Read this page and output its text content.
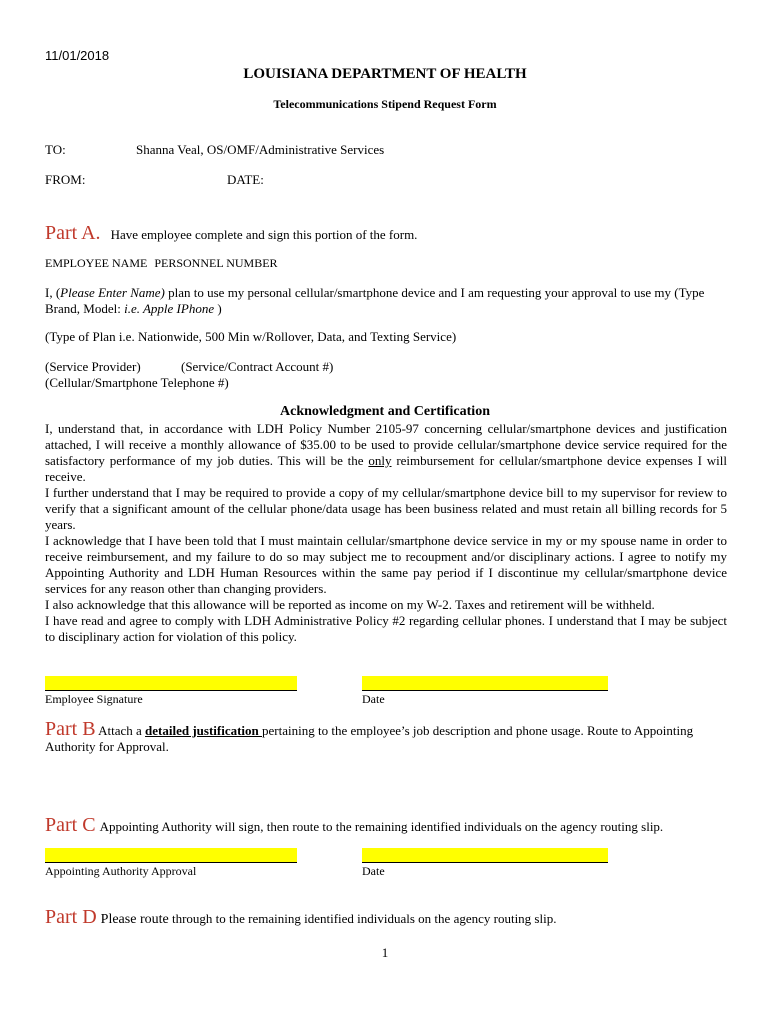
11/01/2018
LOUISIANA DEPARTMENT OF HEALTH
Telecommunications Stipend Request Form
TO:	Shanna Veal, OS/OMF/Administrative Services
FROM:	DATE:
Part A. Have employee complete and sign this portion of the form.
EMPLOYEE NAME PERSONNEL NUMBER
I, (Please Enter Name) plan to use my personal cellular/smartphone device and I am requesting your approval to use my (Type Brand, Model: i.e. Apple IPhone )
(Type of Plan i.e. Nationwide, 500 Min w/Rollover, Data, and Texting Service)
(Service Provider)	(Service/Contract Account #)
(Cellular/Smartphone Telephone #)
Acknowledgment and Certification
I, understand that, in accordance with LDH Policy Number 2105-97 concerning cellular/smartphone devices and justification attached, I will receive a monthly allowance of $35.00 to be used to provide cellular/smartphone device service required for the satisfactory performance of my job duties. This will be the only reimbursement for cellular/smartphone device expenses I will receive.
I further understand that I may be required to provide a copy of my cellular/smartphone device bill to my supervisor for review to verify that a significant amount of the cellular phone/data usage has been business related and must retain all billing records for 5 years.
I acknowledge that I have been told that I must maintain cellular/smartphone device service in my or my spouse name in order to receive reimbursement, and my failure to do so may subject me to recoupment and/or disciplinary actions. I agree to notify my Appointing Authority and LDH Human Resources within the same pay period if I discontinue my cellular/smartphone device services for any reason other than changing providers.
I also acknowledge that this allowance will be reported as income on my W-2. Taxes and retirement will be withheld.
I have read and agree to comply with LDH Administrative Policy #2 regarding cellular phones. I understand that I may be subject to disciplinary action for violation of this policy.
Employee Signature	Date
Part B Attach a detailed justification pertaining to the employee’s job description and phone usage. Route to Appointing Authority for Approval.
Part C Appointing Authority will sign, then route to the remaining identified individuals on the agency routing slip.
Appointing Authority Approval	Date
Part D Please route through to the remaining identified individuals on the agency routing slip.
1
